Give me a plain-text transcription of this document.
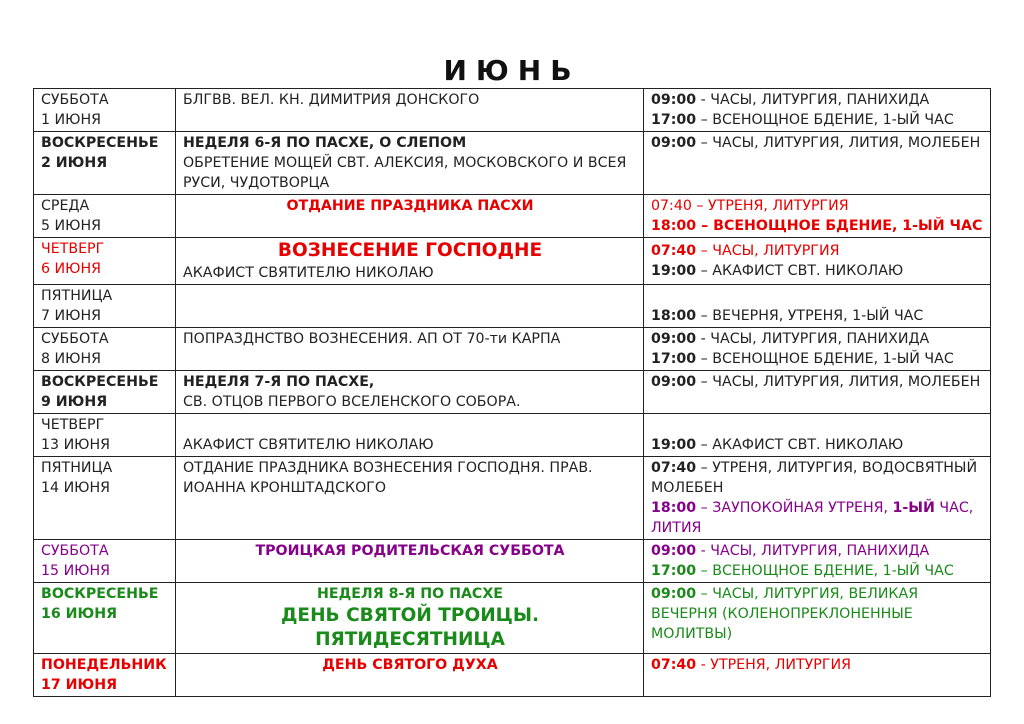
ИЮНЬ
СУББОТА
1 ИЮНЯ	БЛГВВ. ВЕЛ. КН. ДИМИТРИЯ ДОНСКОГО	09:00 - ЧАСЫ, ЛИТУРГИЯ, ПАНИХИДА
17:00 – ВСЕНОЩНОЕ БДЕНИЕ, 1-ЫЙ ЧАС

ВОСКРЕСЕНЬЕ
2 ИЮНЯ	НЕДЕЛЯ 6-Я ПО ПАСХЕ, О СЛЕПОМ
ОБРЕТЕНИЕ МОЩЕЙ СВТ. АЛЕКСИЯ, МОСКОВСКОГО И ВСЕЯ РУСИ, ЧУДОТВОРЦА	09:00 – ЧАСЫ, ЛИТУРГИЯ, ЛИТИЯ, МОЛЕБЕН

СРЕДА
5 ИЮНЯ	ОТДАНИЕ ПРАЗДНИКА ПАСХИ	07:40 – УТРЕНЯ, ЛИТУРГИЯ
18:00 – ВСЕНОЩНОЕ БДЕНИЕ, 1-ЫЙ ЧАС

ЧЕТВЕРГ
6 ИЮНЯ	ВОЗНЕСЕНИЕ ГОСПОДНЕ
АКАФИСТ СВЯТИТЕЛЮ НИКОЛАЮ	07:40 – ЧАСЫ, ЛИТУРГИЯ
19:00 – АКАФИСТ СВТ. НИКОЛАЮ

ПЯТНИЦА
7 ИЮНЯ		18:00 – ВЕЧЕРНЯ, УТРЕНЯ, 1-ЫЙ ЧАС

СУББОТА
8 ИЮНЯ	ПОПРАЗДНСТВО ВОЗНЕСЕНИЯ. АП ОТ 70-ти КАРПА	09:00 - ЧАСЫ, ЛИТУРГИЯ, ПАНИХИДА
17:00 – ВСЕНОЩНОЕ БДЕНИЕ, 1-ЫЙ ЧАС

ВОСКРЕСЕНЬЕ
9 ИЮНЯ	НЕДЕЛЯ 7-Я ПО ПАСХЕ,
СВ. ОТЦОВ ПЕРВОГО ВСЕЛЕНСКОГО СОБОРА.	09:00 – ЧАСЫ, ЛИТУРГИЯ, ЛИТИЯ, МОЛЕБЕН

ЧЕТВЕРГ
13 ИЮНЯ	АКАФИСТ СВЯТИТЕЛЮ НИКОЛАЮ	19:00 – АКАФИСТ СВТ. НИКОЛАЮ

ПЯТНИЦА
14 ИЮНЯ	ОТДАНИЕ ПРАЗДНИКА ВОЗНЕСЕНИЯ ГОСПОДНЯ. ПРАВ. ИОАННА КРОНШТАДСКОГО	07:40 – УТРЕНЯ, ЛИТУРГИЯ, ВОДОСВЯТНЫЙ МОЛЕБЕН
18:00 – ЗАУПОКОЙНАЯ УТРЕНЯ, 1-ЫЙ ЧАС, ЛИТИЯ

СУББОТА
15 ИЮНЯ	ТРОИЦКАЯ РОДИТЕЛЬСКАЯ СУББОТА	09:00 - ЧАСЫ, ЛИТУРГИЯ, ПАНИХИДА
17:00 – ВСЕНОЩНОЕ БДЕНИЕ, 1-ЫЙ ЧАС

ВОСКРЕСЕНЬЕ
16 ИЮНЯ	НЕДЕЛЯ 8-Я ПО ПАСХЕ
ДЕНЬ СВЯТОЙ ТРОИЦЫ. ПЯТИДЕСЯТНИЦА	09:00 – ЧАСЫ, ЛИТУРГИЯ, ВЕЛИКАЯ ВЕЧЕРНЯ (КОЛЕНОПРЕКЛОНЕННЫЕ МОЛИТВЫ)

ПОНЕДЕЛЬНИК
17 ИЮНЯ	ДЕНЬ СВЯТОГО ДУХА	07:40 - УТРЕНЯ, ЛИТУРГИЯ
